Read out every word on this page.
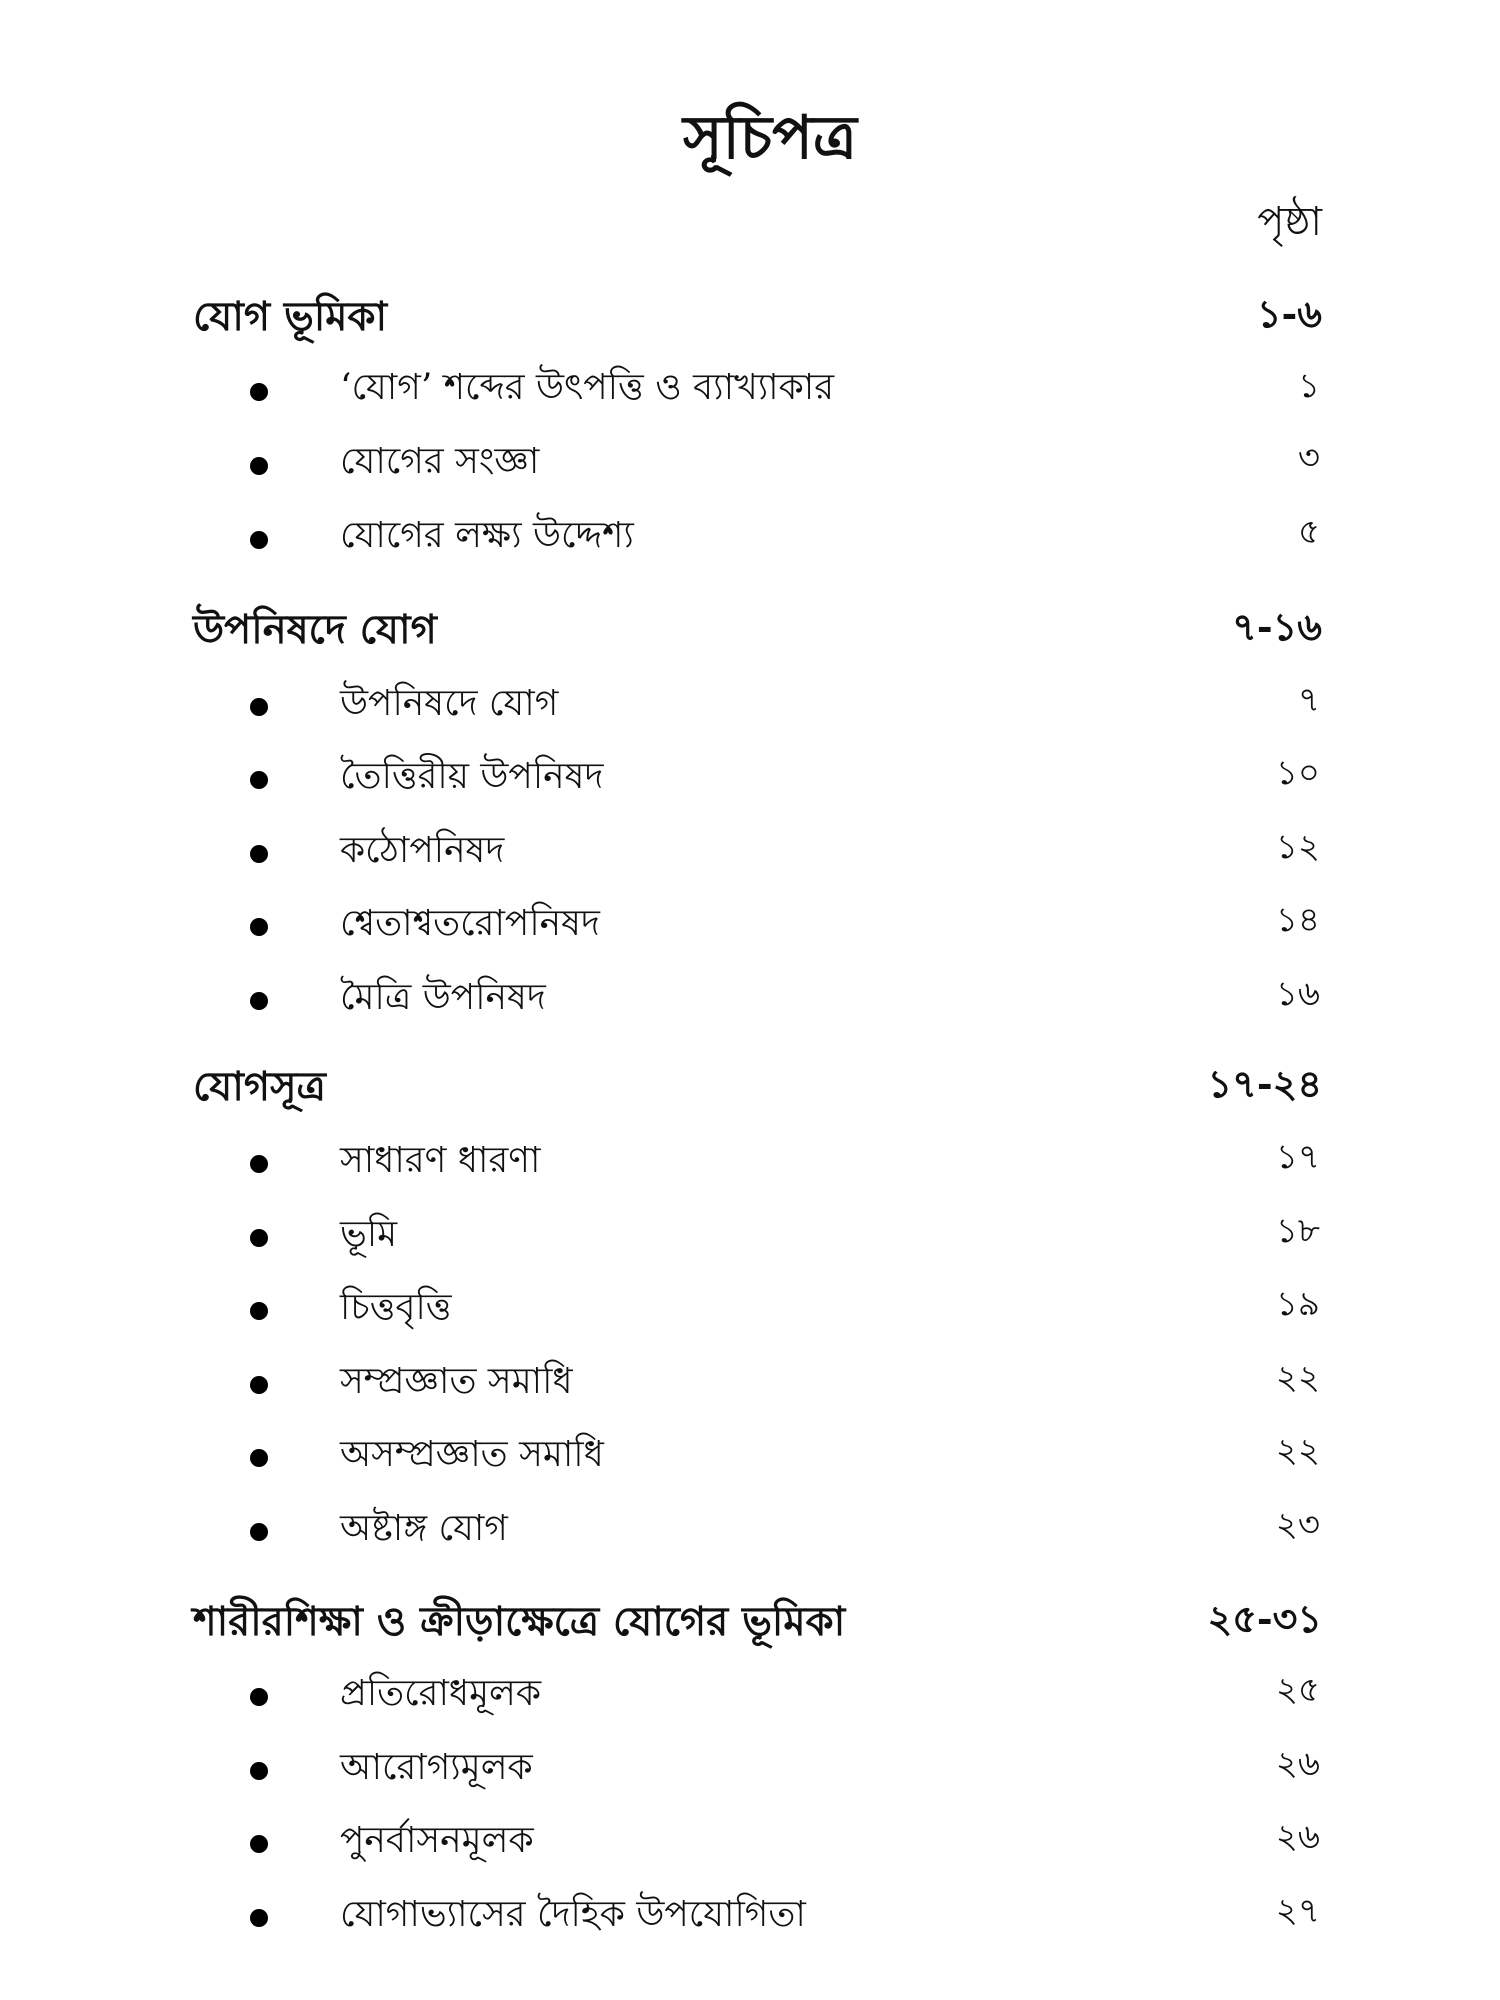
সূচিপত্র
পৃষ্ঠা
যোগ ভূমিকা	১-৬
‘যোগ’ শব্দের উৎপত্তি ও ব্যাখ্যাকার	১
যোগের সংজ্ঞা	৩
যোগের লক্ষ্য উদ্দেশ্য	৫
উপনিষদে যোগ	৭-১৬
উপনিষদে যোগ	৭
তৈত্তিরীয় উপনিষদ	১০
কঠোপনিষদ	১২
শ্বেতাশ্বতরোপনিষদ	১৪
মৈত্রি উপনিষদ	১৬
যোগসূত্র	১৭-২৪
সাধারণ ধারণা	১৭
ভূমি	১৮
চিত্তবৃত্তি	১৯
সম্প্রজ্ঞাত সমাধি	২২
অসম্প্রজ্ঞাত সমাধি	২২
অষ্টাঙ্গ যোগ	২৩
শারীরশিক্ষা ও ক্রীড়াক্ষেত্রে যোগের ভূমিকা	২৫-৩১
প্রতিরোধমূলক	২৫
আরোগ্যমূলক	২৬
পুনর্বাসনমূলক	২৬
যোগাভ্যাসের দৈহিক উপযোগিতা	২৭
